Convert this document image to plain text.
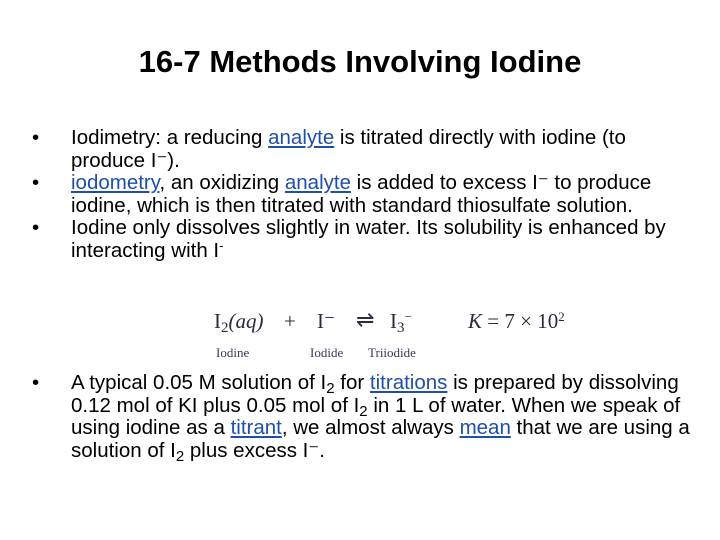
16-7 Methods Involving Iodine
• Iodimetry: a reducing analyte is titrated directly with iodine (to produce I⁻).
• iodometry, an oxidizing analyte is added to excess I⁻ to produce iodine, which is then titrated with standard thiosulfate solution.
• Iodine only dissolves slightly in water. Its solubility is enhanced by interacting with I-
$I_2(aq) + I^-$ ⇌ $I_3^-$	$K = 7 \times 10^2$
Iodine	Iodide Triiodide
• A typical 0.05 M solution of $I_2$ for titrations is prepared by dissolving 0.12 mol of KI plus 0.05 mol of $I_2$ in 1 L of water. When we speak of using iodine as a titrant, we almost always mean that we are using a solution of $I_2$ plus excess I⁻.
